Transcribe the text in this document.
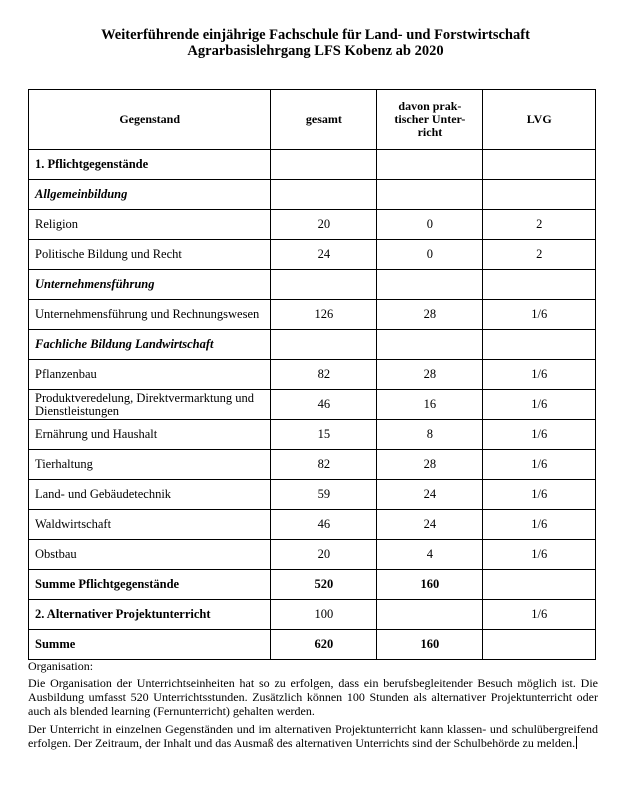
Weiterführende einjährige Fachschule für Land- und Forstwirtschaft
Agrarbasislehrgang LFS Kobenz ab 2020
Gegenstand	gesamt	davon prak-
tischer Unter-
richt	LVG
1. Pflichtgegenstände			
Allgemeinbildung			
Religion	20	0	2
Politische Bildung und Recht	24	0	2
Unternehmensführung			
Unternehmensführung und Rechnungswesen	126	28	1/6
Fachliche Bildung Landwirtschaft			
Pflanzenbau	82	28	1/6
Produktveredelung, Direktvermarktung und Dienstleistungen	46	16	1/6
Ernährung und Haushalt	15	8	1/6
Tierhaltung	82	28	1/6
Land- und Gebäudetechnik	59	24	1/6
Waldwirtschaft	46	24	1/6
Obstbau	20	4	1/6
Summe Pflichtgegenstände	520	160	
2. Alternativer Projektunterricht	100		1/6
Summe	620	160	

Organisation:

Die Organisation der Unterrichtseinheiten hat so zu erfolgen, dass ein berufsbegleitender Besuch möglich ist. Die Ausbildung umfasst 520 Unterrichtsstunden. Zusätzlich können 100 Stunden als alternativer Projektunterricht oder auch als blended learning (Fernunterricht) gehalten werden.

Der Unterricht in einzelnen Gegenständen und im alternativen Projektunterricht kann klassen- und schulübergreifend erfolgen. Der Zeitraum, der Inhalt und das Ausmaß des alternativen Unterrichts sind der Schulbehörde zu melden.
